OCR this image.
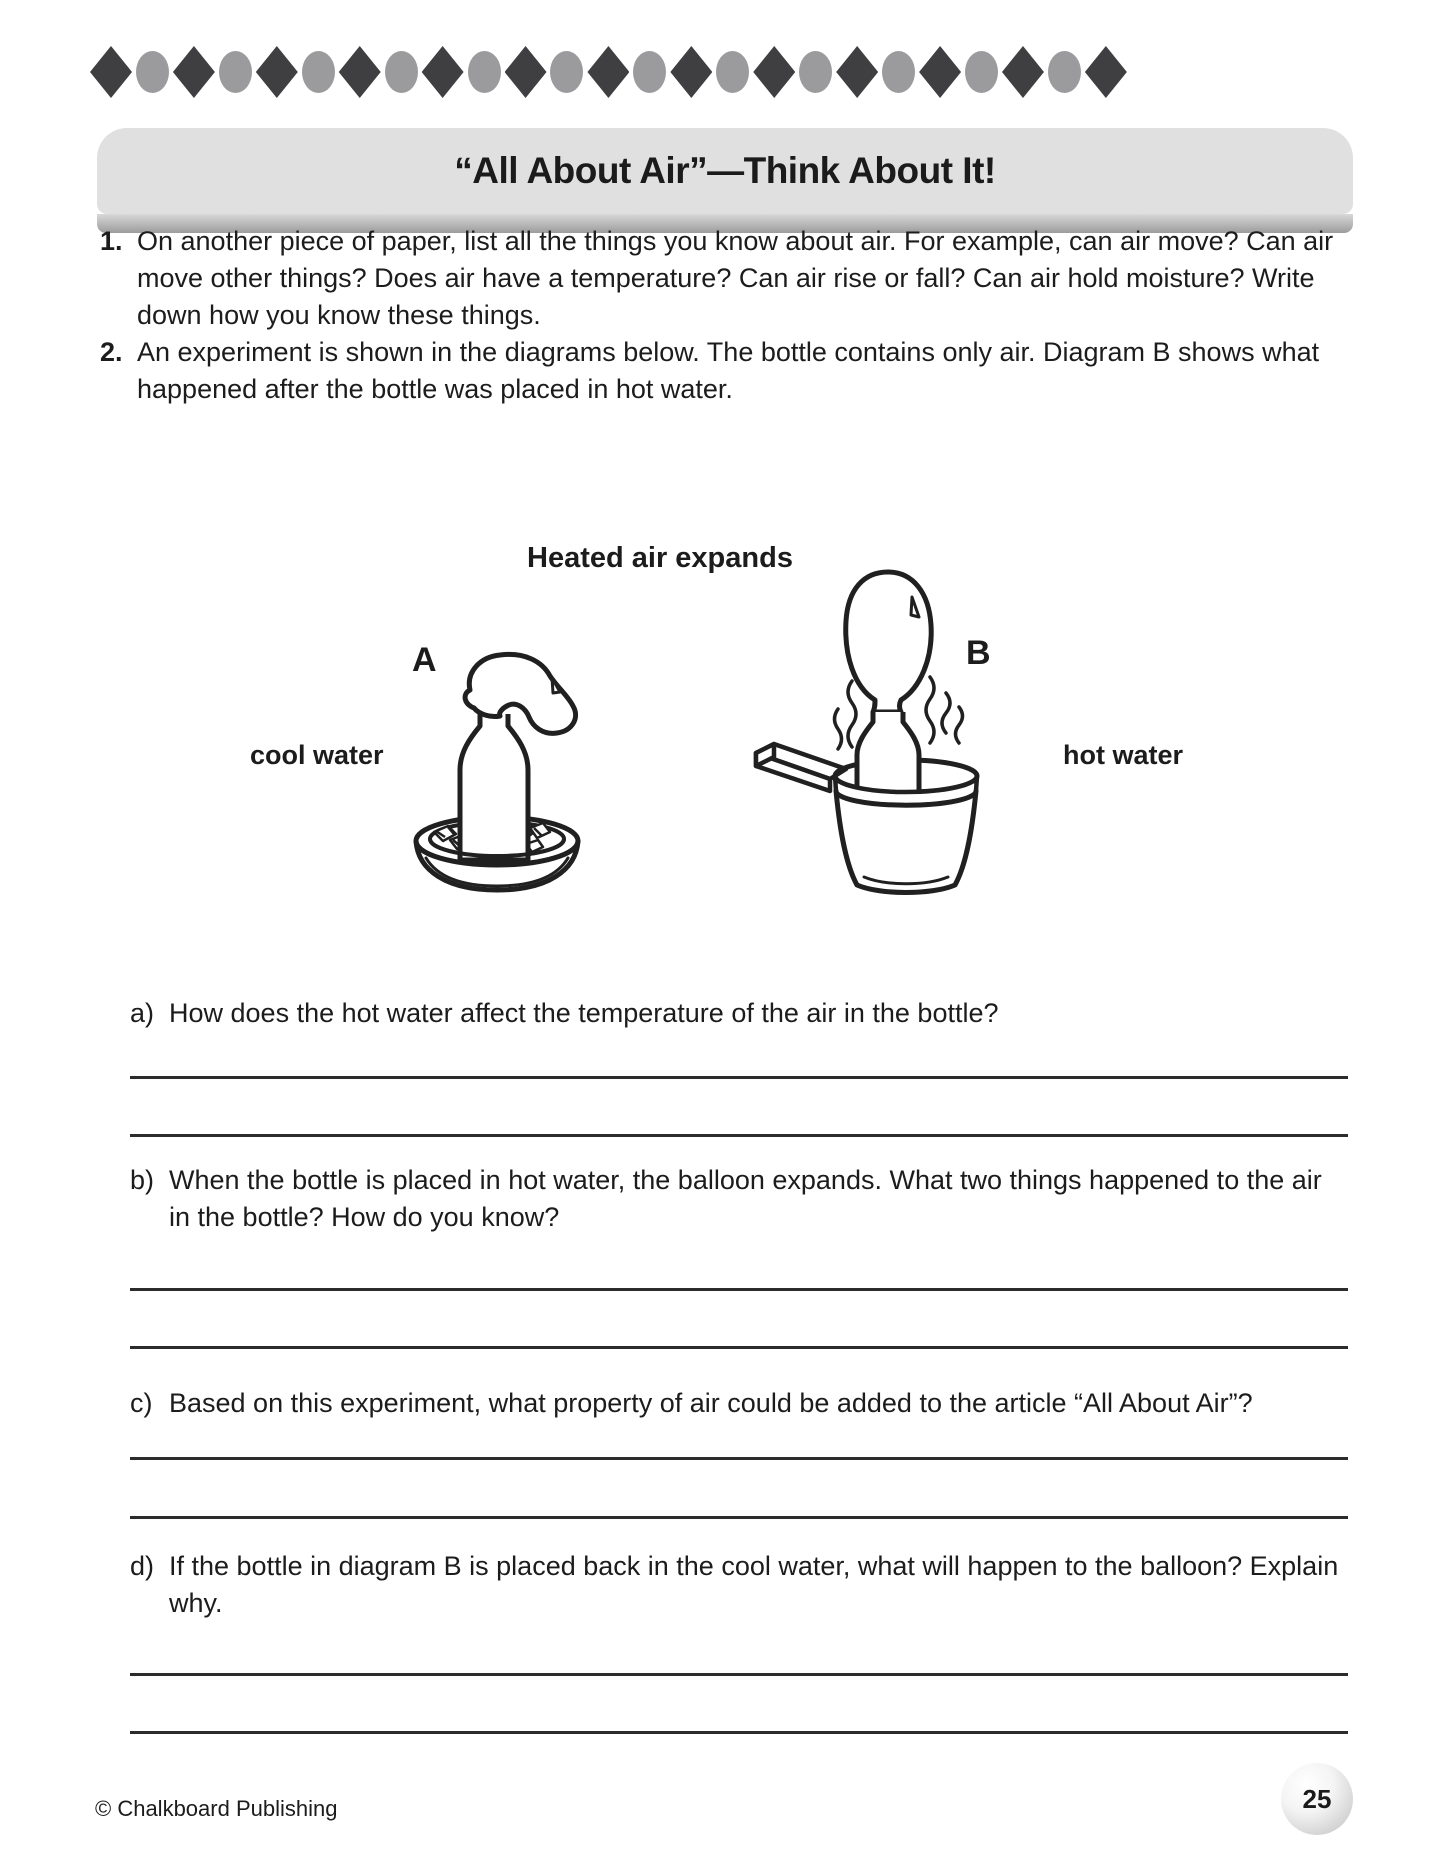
“All About Air”—Think About It!
1. On another piece of paper, list all the things you know about air. For example, can air move? Can air move other things? Does air have a temperature? Can air rise or fall? Can air hold moisture? Write down how you know these things.
2. An experiment is shown in the diagrams below. The bottle contains only air. Diagram B shows what happened after the bottle was placed in hot water.
Heated air expands
A	B
cool water	hot water
a) How does the hot water affect the temperature of the air in the bottle?
b) When the bottle is placed in hot water, the balloon expands. What two things happened to the air in the bottle? How do you know?
c) Based on this experiment, what property of air could be added to the article “All About Air”?
d) If the bottle in diagram B is placed back in the cool water, what will happen to the balloon? Explain why.
© Chalkboard Publishing	25
